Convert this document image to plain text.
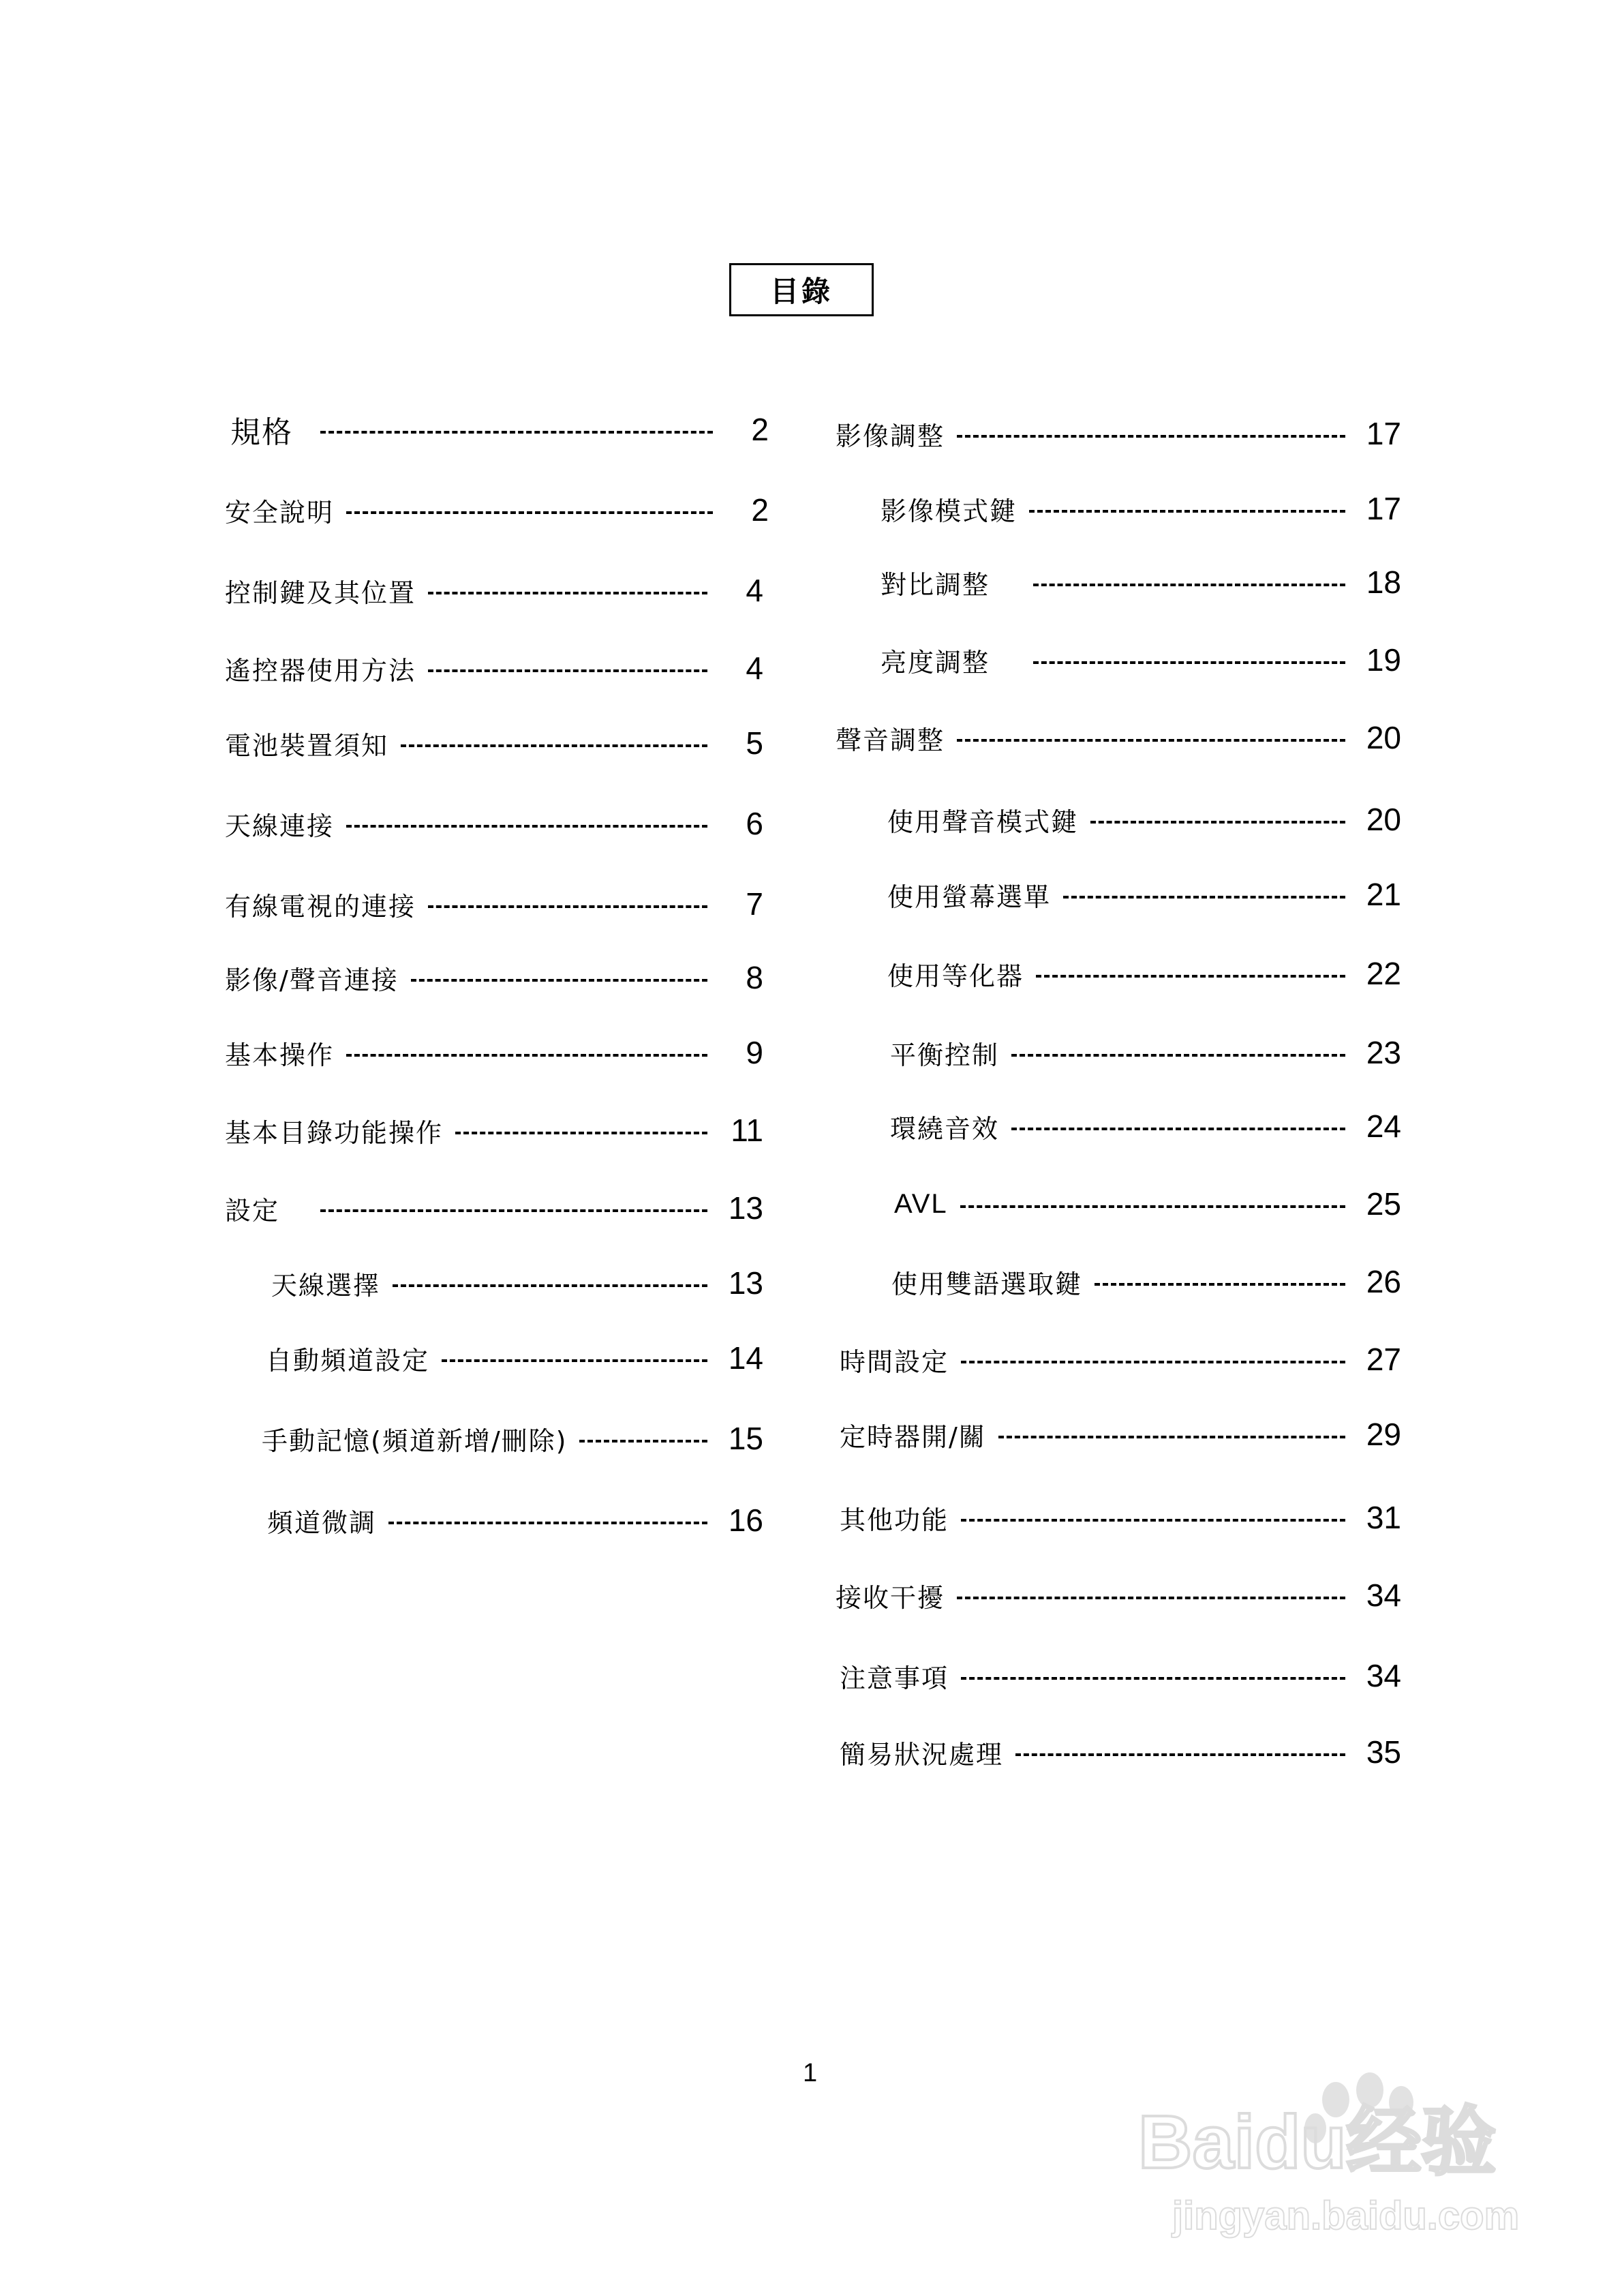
目錄
規格	2
安全說明	2
控制鍵及其位置	4
遙控器使用方法	4
電池裝置須知	5
天線連接	6
有線電視的連接	7
影像/聲音連接	8
基本操作	9
基本目錄功能操作	11
設定	13
天線選擇	13
自動頻道設定	14
手動記憶(頻道新增/刪除)	15
頻道微調	16
影像調整	17
影像模式鍵	17
對比調整	18
亮度調整	19
聲音調整	20
使用聲音模式鍵	20
使用螢幕選單	21
使用等化器	22
平衡控制	23
環繞音效	24
AVL	25
使用雙語選取鍵	26
時間設定	27
定時器開/關	29
其他功能	31
接收干擾	34
注意事項	34
簡易狀況處理	35
1
Baidu经验
jingyan.baidu.com
